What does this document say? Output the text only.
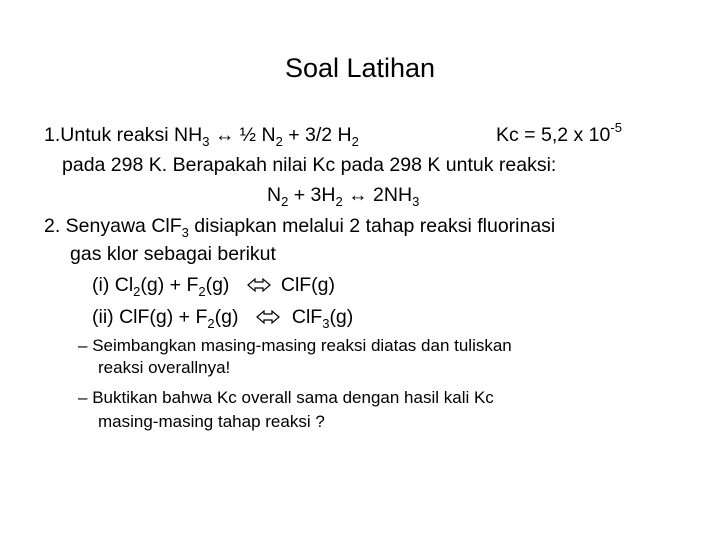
Soal Latihan
1.Untuk reaksi $NH_3$ ↔ ½ $N_2 + 3/2$ $H_2$	Kc = 5,2 x $10^{-5}$
pada 298 K. Berapakah nilai Kc pada 298 K untuk reaksi:
$N_2 + 3H_2$ ↔ $2NH_3$
2. Senyawa ClF$_3$ disiapkan melalui 2 tahap reaksi fluorinasi
gas klor sebagai berikut
(i) $Cl_2(g) + F_2(g)$ ⇌ ClF(g)
(ii) $ClF(g) + F_2(g)$ ⇌ ClF$_3$(g)
– Seimbangkan masing-masing reaksi diatas dan tuliskan
reaksi overallnya!
– Buktikan bahwa Kc overall sama dengan hasil kali Kc
masing-masing tahap reaksi ?
